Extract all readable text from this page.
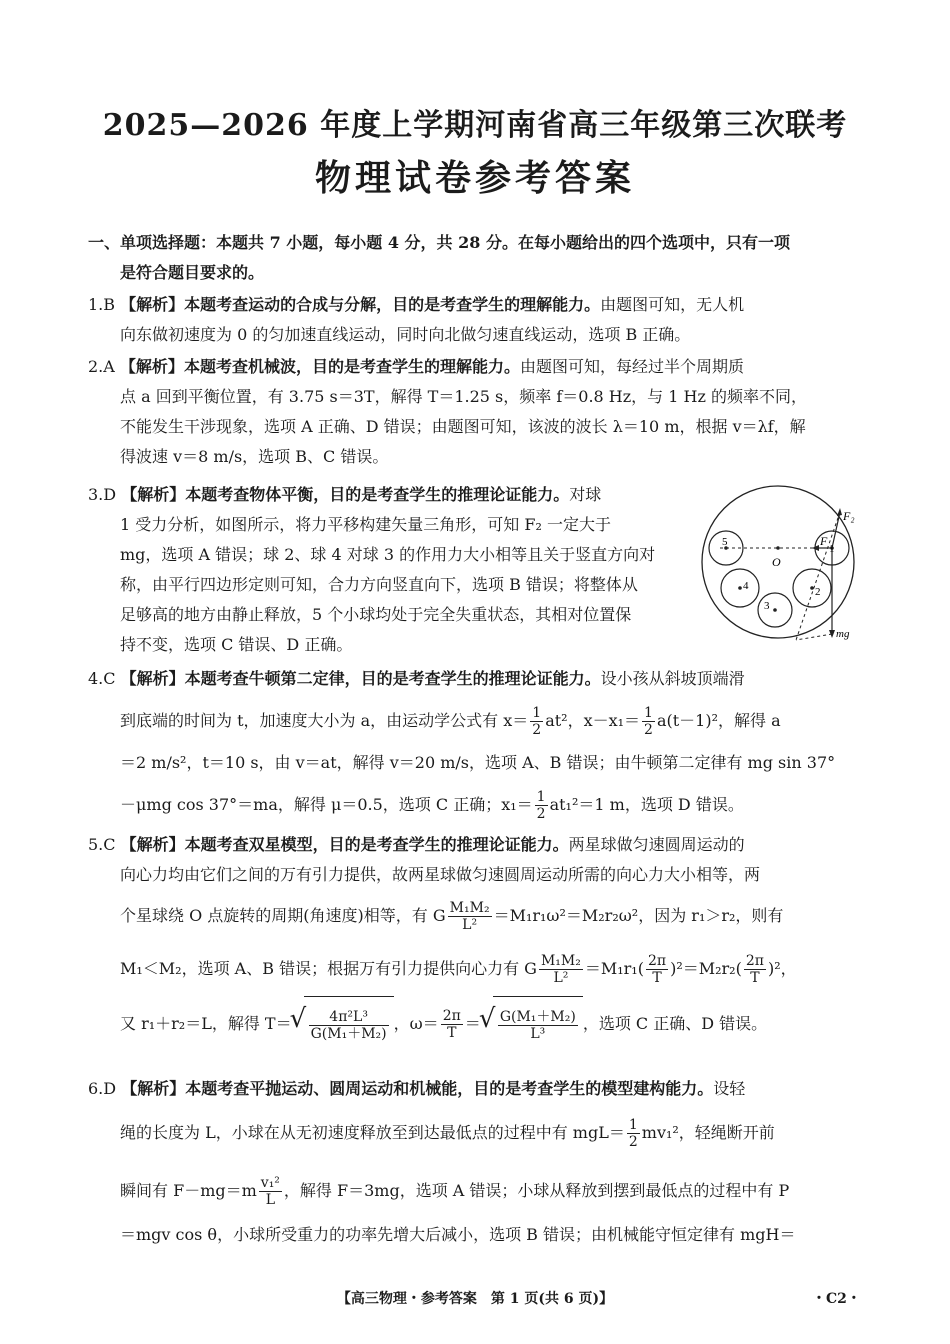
2025—2026 年度上学期河南省高三年级第三次联考
物理试卷参考答案
一、单项选择题：本题共 7 小题，每小题 4 分，共 28 分。在每小题给出的四个选项中，只有一项
是符合题目要求的。
1.B 【解析】本题考查运动的合成与分解，目的是考查学生的理解能力。由题图可知，无人机
向东做初速度为 0 的匀加速直线运动，同时向北做匀速直线运动，选项 B 正确。
2.A 【解析】本题考查机械波，目的是考查学生的理解能力。由题图可知，每经过半个周期质
点 a 回到平衡位置，有 3.75 s＝3T，解得 T＝1.25 s，频率 f＝0.8 Hz，与 1 Hz 的频率不同，
不能发生干涉现象，选项 A 正确、D 错误；由题图可知，该波的波长 λ＝10 m，根据 v＝λf，解
得波速 v＝8 m/s，选项 B、C 错误。
3.D 【解析】本题考查物体平衡，目的是考查学生的推理论证能力。对球
1 受力分析，如图所示，将力平移构建矢量三角形，可知 F₂ 一定大于
mg，选项 A 错误；球 2、球 4 对球 3 的作用力大小相等且关于竖直方向对
称，由平行四边形定则可知，合力方向竖直向下，选项 B 错误；将整体从
足够高的地方由静止释放，5 个小球均处于完全失重状态，其相对位置保
持不变，选项 C 错误、D 正确。
F₂
F
O
mg
1
2
3
4
5
4.C 【解析】本题考查牛顿第二定律，目的是考查学生的推理论证能力。设小孩从斜坡顶端滑
到底端的时间为 t，加速度大小为 a，由运动学公式有 $x= \frac{1}{2} at^2$，$x-x_1= \frac{1}{2} a(t-1)^2$，解得 a
＝2 m/s²，t＝10 s，由 v＝at，解得 v＝20 m/s，选项 A、B 错误；由牛顿第二定律有 mg sin 37°
－μmg cos 37°＝ma，解得 μ＝0.5，选项 C 正确；$x_1= \frac{1}{2} at_1^2=1$ m，选项 D 错误。
5.C 【解析】本题考查双星模型，目的是考查学生的推理论证能力。两星球做匀速圆周运动的
向心力均由它们之间的万有引力提供，故两星球做匀速圆周运动所需的向心力大小相等，两
个星球绕 O 点旋转的周期(角速度)相等，有 G $\frac{\text{M₁M₂}}{\text{L²}} =M_1r_1\omega^2=M_2r_2\omega^2$，因为 r₁＞r₂，则有
M₁＜M₂，选项 A、B 错误；根据万有引力提供向心力有 G $\frac{\text{M₁M₂}}{\text{L²}} =M_1r_1( \frac{2\pi}{T} )^2=M_2r_2( \frac{2\pi}{T} )^2$，
又 r₁＋r₂＝L，解得 T＝ √ $\frac{\text{4π²L³}}{\text{G(M₁＋M₂)}}$ ，$\omega= \frac{2\pi}{T}$ ＝ √ $\frac{\text{G(M₁＋M₂)}}{\text{L³}}$ ，选项 C 正确、D 错误。
6.D 【解析】本题考查平抛运动、圆周运动和机械能，目的是考查学生的模型建构能力。设轻
绳的长度为 L，小球在从无初速度释放至到达最低点的过程中有 $mgL= \frac{1}{2} mv_1^2$，轻绳断开前
瞬间有 $F-mg=m \frac{\text{v₁²}}{L}$ ，解得 F＝3mg，选项 A 错误；小球从释放到摆到最低点的过程中有 P
＝mgv cos θ，小球所受重力的功率先增大后减小，选项 B 错误；由机械能守恒定律有 mgH＝
【高三物理・参考答案　第 1 页(共 6 页)】	・C2・
